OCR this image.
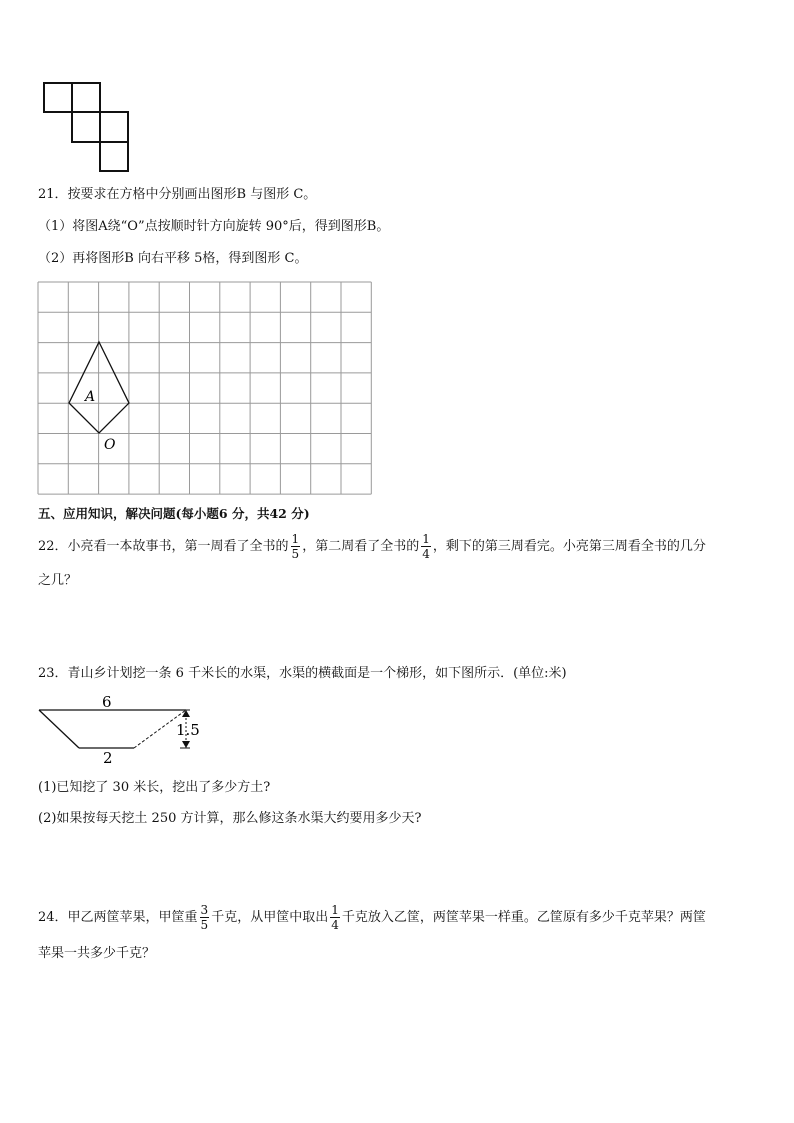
21．按要求在方格中分别画出图形B 与图形 C。
（1）将图A绕“O”点按顺时针方向旋转 90°后，得到图形B。
（2）再将图形B 向右平移 5格，得到图形 C。
A
O
五、应用知识，解决问题(每小题6 分，共42 分)
22．小亮看一本故事书，第一周看了全书的 $\frac{1}{5}$ ，第二周看了全书的 $\frac{1}{4}$ ，剩下的第三周看完。小亮第三周看全书的几分
之几？
23．青山乡计划挖一条 6 千米长的水渠，水渠的横截面是一个梯形，如下图所示．(单位:米)
6
1.5
2
(1)已知挖了 30 米长，挖出了多少方土?
(2)如果按每天挖土 250 方计算，那么修这条水渠大约要用多少天?
24．甲乙两筐苹果，甲筐重 $\frac{3}{5}$ 千克，从甲筐中取出 $\frac{1}{4}$ 千克放入乙筐，两筐苹果一样重。乙筐原有多少千克苹果？两筐
苹果一共多少千克？
